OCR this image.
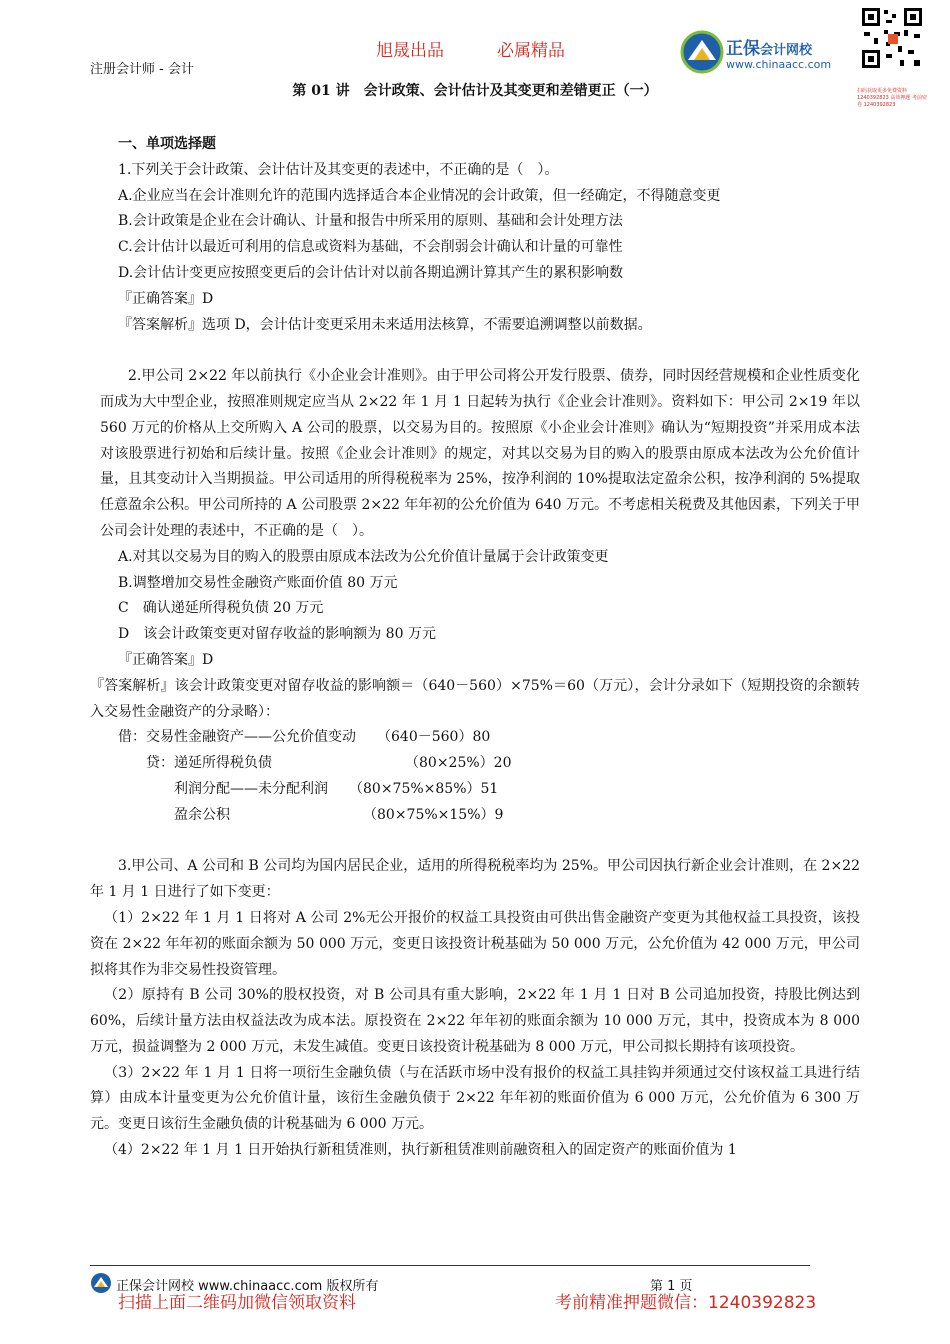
旭晟出品	必属精品
注册会计师 - 会计
正保会计网校
www.chinaacc.com
扫码获取更多免费资料 1240392823 高效押题 考前密卷 1240392823
第 01 讲　会计政策、会计估计及其变更和差错更正（一）

一、单项选择题

1.下列关于会计政策、会计估计及其变更的表述中，不正确的是（　）。

A.企业应当在会计准则允许的范围内选择适合本企业情况的会计政策，但一经确定，不得随意变更

B.会计政策是企业在会计确认、计量和报告中所采用的原则、基础和会计处理方法

C.会计估计以最近可利用的信息或资料为基础，不会削弱会计确认和计量的可靠性

D.会计估计变更应按照变更后的会计估计对以前各期追溯计算其产生的累积影响数

『正确答案』D

『答案解析』选项 D，会计估计变更采用未来适用法核算，不需要追溯调整以前数据。

2.甲公司 2×22 年以前执行《小企业会计准则》。由于甲公司将公开发行股票、债券，同时因经营规模和企业性质变化而成为大中型企业，按照准则规定应当从 2×22 年 1 月 1 日起转为执行《企业会计准则》。资料如下：甲公司 2×19 年以 560 万元的价格从上交所购入 A 公司的股票，以交易为目的。按照原《小企业会计准则》确认为“短期投资”并采用成本法对该股票进行初始和后续计量。按照《企业会计准则》的规定，对其以交易为目的购入的股票由原成本法改为公允价值计量，且其变动计入当期损益。甲公司适用的所得税税率为 25%，按净利润的 10%提取法定盈余公积，按净利润的 5%提取任意盈余公积。甲公司所持的 A 公司股票 2×22 年年初的公允价值为 640 万元。不考虑相关税费及其他因素，下列关于甲公司会计处理的表述中，不正确的是（　）。

A.对其以交易为目的购入的股票由原成本法改为公允价值计量属于会计政策变更

B.调整增加交易性金融资产账面价值 80 万元

C　确认递延所得税负债 20 万元

D　该会计政策变更对留存收益的影响额为 80 万元

『正确答案』D

『答案解析』该会计政策变更对留存收益的影响额＝（640－560）×75%＝60（万元），会计分录如下（短期投资的余额转入交易性金融资产的分录略）：

借：交易性金融资产——公允价值变动　　（640－560）80

　　贷：递延所得税负债　　　　　　　　　　（80×25%）20

　　　　利润分配——未分配利润　　（80×75%×85%）51

　　　　盈余公积　　　　　　　　　　（80×75%×15%）9

3.甲公司、A 公司和 B 公司均为国内居民企业，适用的所得税税率均为 25%。甲公司因执行新企业会计准则，在 2×22 年 1 月 1 日进行了如下变更：

（1）2×22 年 1 月 1 日将对 A 公司 2%无公开报价的权益工具投资由可供出售金融资产变更为其他权益工具投资，该投资在 2×22 年年初的账面余额为 50 000 万元，变更日该投资计税基础为 50 000 万元，公允价值为 42 000 万元，甲公司拟将其作为非交易性投资管理。

（2）原持有 B 公司 30%的股权投资，对 B 公司具有重大影响，2×22 年 1 月 1 日对 B 公司追加投资，持股比例达到 60%，后续计量方法由权益法改为成本法。原投资在 2×22 年年初的账面余额为 10 000 万元，其中，投资成本为 8 000 万元，损益调整为 2 000 万元，未发生减值。变更日该投资计税基础为 8 000 万元，甲公司拟长期持有该项投资。

（3）2×22 年 1 月 1 日将一项衍生金融负债（与在活跃市场中没有报价的权益工具挂钩并须通过交付该权益工具进行结算）由成本计量变更为公允价值计量，该衍生金融负债于 2×22 年年初的账面价值为 6 000 万元，公允价值为 6 300 万元。变更日该衍生金融负债的计税基础为 6 000 万元。

（4）2×22 年 1 月 1 日开始执行新租赁准则，执行新租赁准则前融资租入的固定资产的账面价值为 1

正保会计网校 www.chinaacc.com 版权所有	第 1 页
扫描上面二维码加微信领取资料	考前精准押题微信：1240392823
